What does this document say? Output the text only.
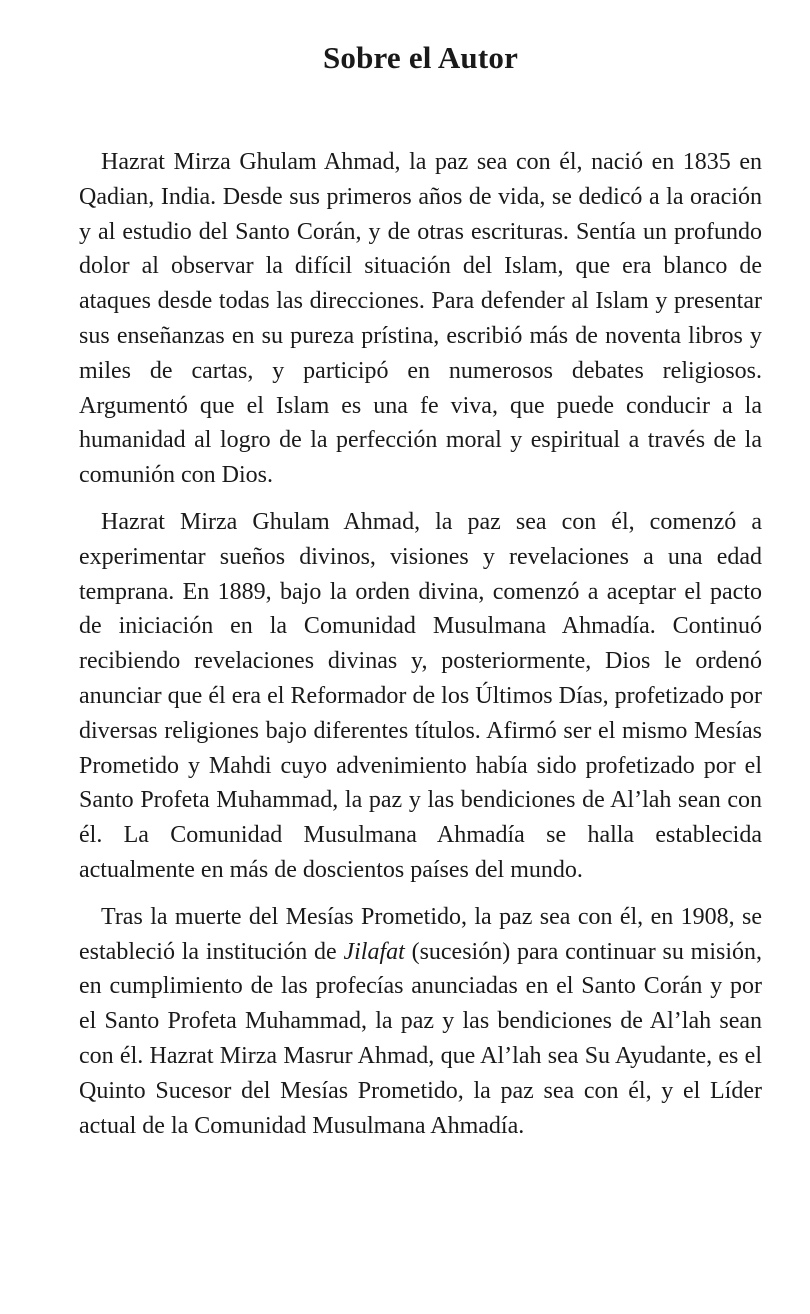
Sobre el Autor

Hazrat Mirza Ghulam Ahmad, la paz sea con él, nació en 1835 en Qadian, India. Desde sus primeros años de vida, se dedicó a la oración y al estudio del Santo Corán, y de otras escrituras. Sentía un profundo dolor al observar la difícil situación del Islam, que era blanco de ataques desde todas las direcciones. Para defender al Islam y presentar sus enseñanzas en su pureza prístina, escribió más de noventa libros y miles de cartas, y participó en numerosos debates religiosos. Argumentó que el Islam es una fe viva, que puede conducir a la humanidad al logro de la perfección moral y espiritual a través de la comunión con Dios.

Hazrat Mirza Ghulam Ahmad, la paz sea con él, comenzó a experimentar sueños divinos, visiones y revelaciones a una edad temprana. En 1889, bajo la orden divina, comenzó a aceptar el pacto de iniciación en la Comunidad Musulmana Ahmadía. Continuó recibiendo revelaciones divinas y, posteriormente, Dios le ordenó anunciar que él era el Reformador de los Últimos Días, profetizado por diversas religiones bajo diferentes títulos. Afirmó ser el mismo Mesías Prometido y Mahdi cuyo advenimiento había sido profetizado por el Santo Profeta Muhammad, la paz y las bendiciones de Al’lah sean con él. La Comunidad Musulmana Ahmadía se halla establecida actualmente en más de doscientos países del mundo.

Tras la muerte del Mesías Prometido, la paz sea con él, en 1908, se estableció la institución de Jilafat (sucesión) para continuar su misión, en cumplimiento de las profecías anunciadas en el Santo Corán y por el Santo Profeta Muhammad, la paz y las bendiciones de Al’lah sean con él. Hazrat Mirza Masrur Ahmad, que Al’lah sea Su Ayudante, es el Quinto Sucesor del Mesías Prometido, la paz sea con él, y el Líder actual de la Comunidad Musulmana Ahmadía.
